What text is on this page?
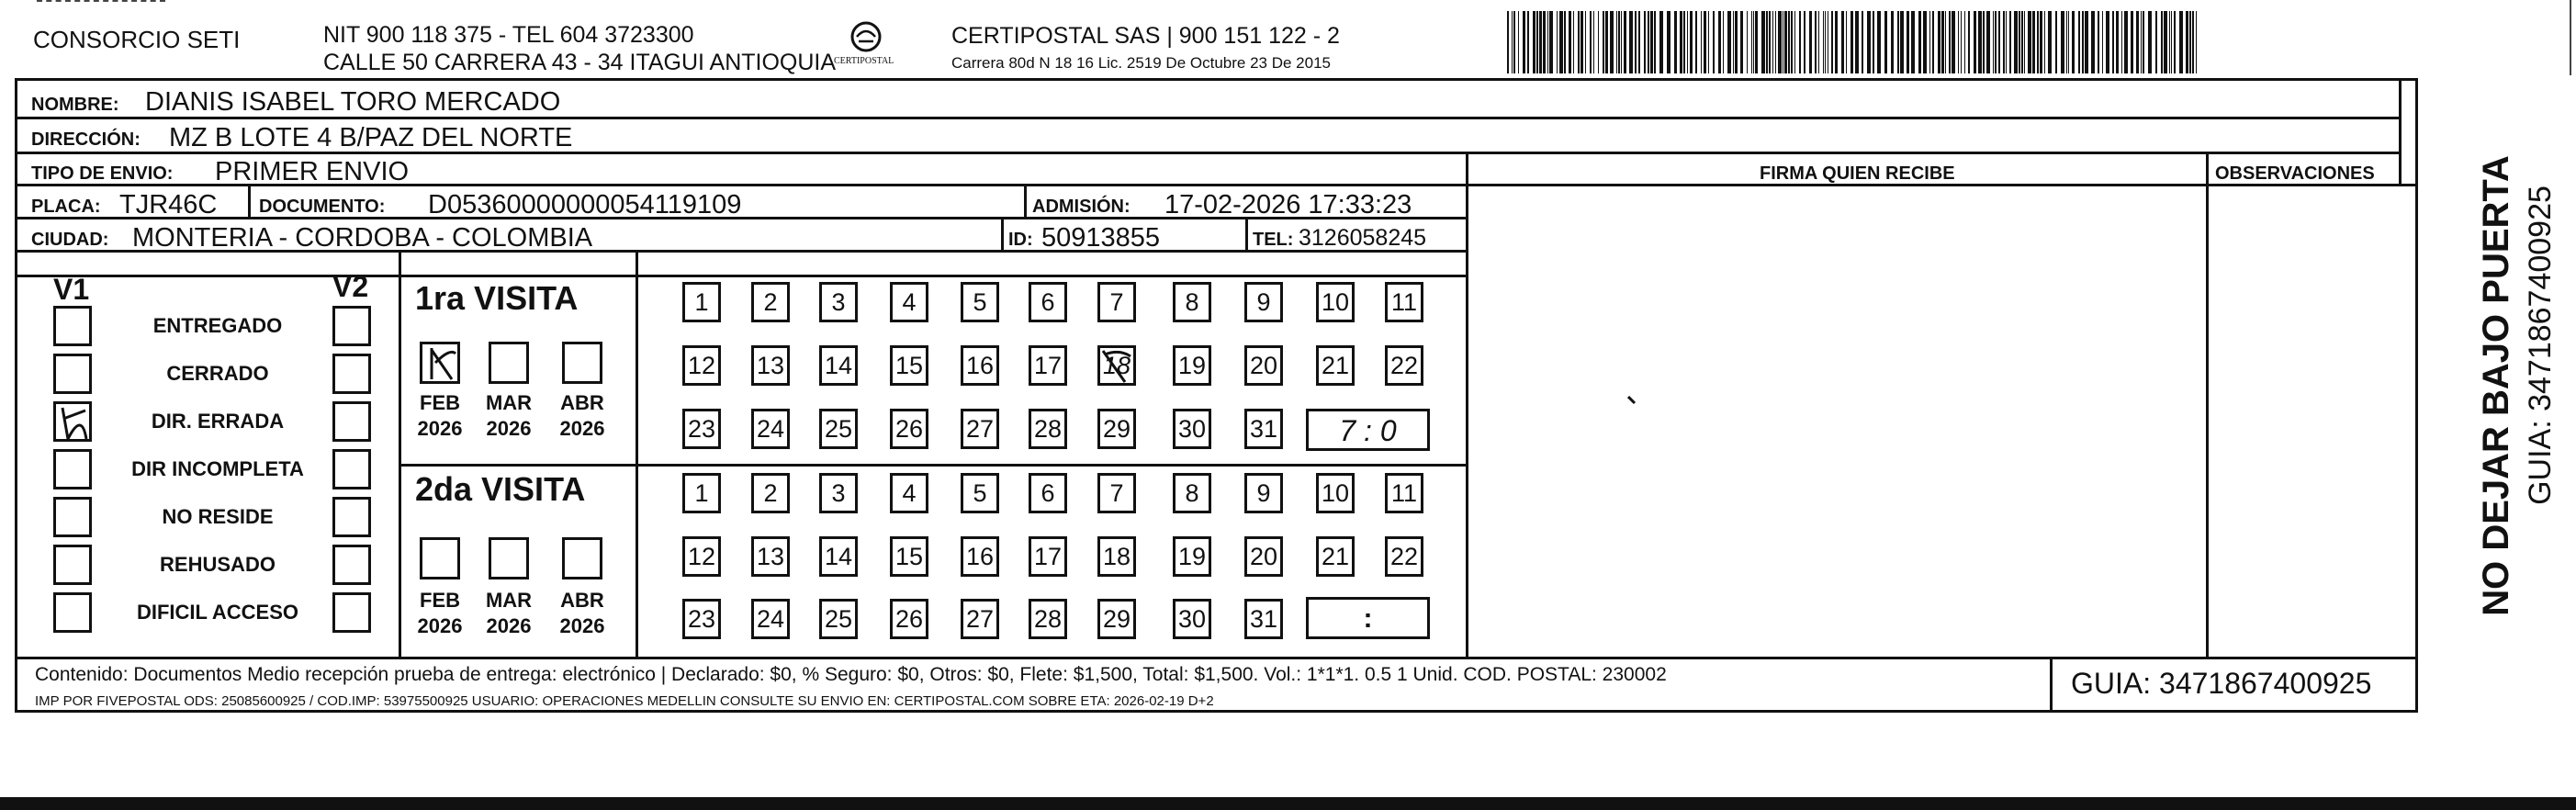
CONSORCIO SETI	NIT 900 118 375 - TEL 604 3723300
CALLE 50 CARRERA 43 - 34 ITAGUI ANTIOQUIA
CERTIPOSTAL
CERTIPOSTAL SAS | 900 151 122 - 2
Carrera 80d N 18 16 Lic. 2519 De Octubre 23 De 2015
NOMBRE: DIANIS ISABEL TORO MERCADO
DIRECCIÓN: MZ B LOTE 4 B/PAZ DEL NORTE
TIPO DE ENVIO: PRIMER ENVIO	FIRMA QUIEN RECIBE	OBSERVACIONES
PLACA: TJR46C DOCUMENTO: D05360000000054119109	ADMISIÓN: 17-02-2026 17:33:23
CIUDAD: MONTERIA - CORDOBA - COLOMBIA	ID: 50913855	TEL: 3126058245
V1	V2
ENTREGADO
CERRADO
DIR. ERRADA
DIR INCOMPLETA
NO RESIDE
REHUSADO
DIFICIL ACCESO
1ra VISITA
2da VISITA
FEB
2026
MAR
2026
ABR
2026
FEB
2026
MAR
2026
ABR
2026
1	2	3	4	5	6	7	8	9	10 11
12 13 14 15 16 17 18 19 20 21 22
23 24 25 26 27 28 29 30 31
1	2	3	4	5	6	7	8	9	10 11
12 13 14 15 16 17 18 19 20 21 22
23 24 25 26 27 28 29 30 31
7 : 0
:
Contenido: Documentos Medio recepción prueba de entrega: electrónico | Declarado: $0, % Seguro: $0, Otros: $0, Flete: $1,500, Total: $1,500. Vol.: 1*1*1. 0.5 1 Unid. COD. POSTAL: 230002
IMP POR FIVEPOSTAL ODS: 25085600925 / COD.IMP: 53975500925 USUARIO: OPERACIONES MEDELLIN CONSULTE SU ENVIO EN: CERTIPOSTAL.COM SOBRE ETA: 2026-02-19 D+2
GUIA: 3471867400925
NO DEJAR BAJO PUERTA GUIA: 3471867400925
